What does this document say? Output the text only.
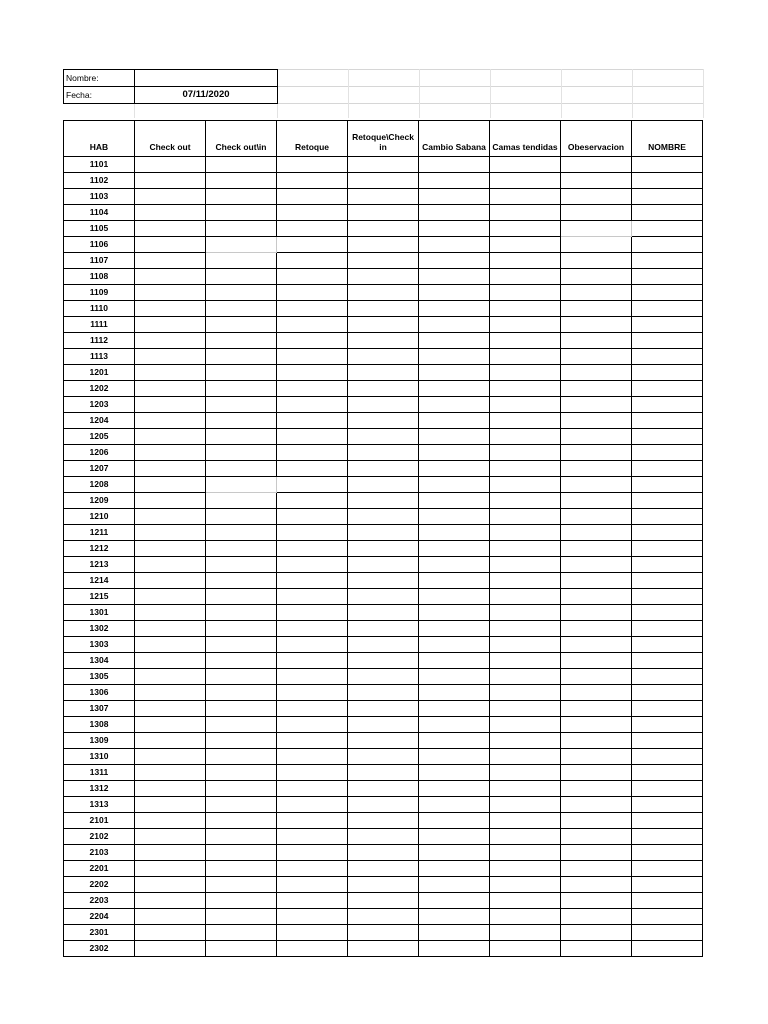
Nombre:							
Fecha:	07/11/2020						

HAB	Check out	Check out\in	Retoque	Retoque\Check in	Cambio Sabana	Camas tendidas	Obeservacion	NOMBRE
1101								
1102								
1103								
1104								
1105								
1106								
1107								
1108								
1109								
1110								
1111								
1112								
1113								
1201								
1202								
1203								
1204								
1205								
1206								
1207								
1208								
1209								
1210								
1211								
1212								
1213								
1214								
1215								
1301								
1302								
1303								
1304								
1305								
1306								
1307								
1308								
1309								
1310								
1311								
1312								
1313								
2101								
2102								
2103								
2201								
2202								
2203								
2204								
2301								
2302								
